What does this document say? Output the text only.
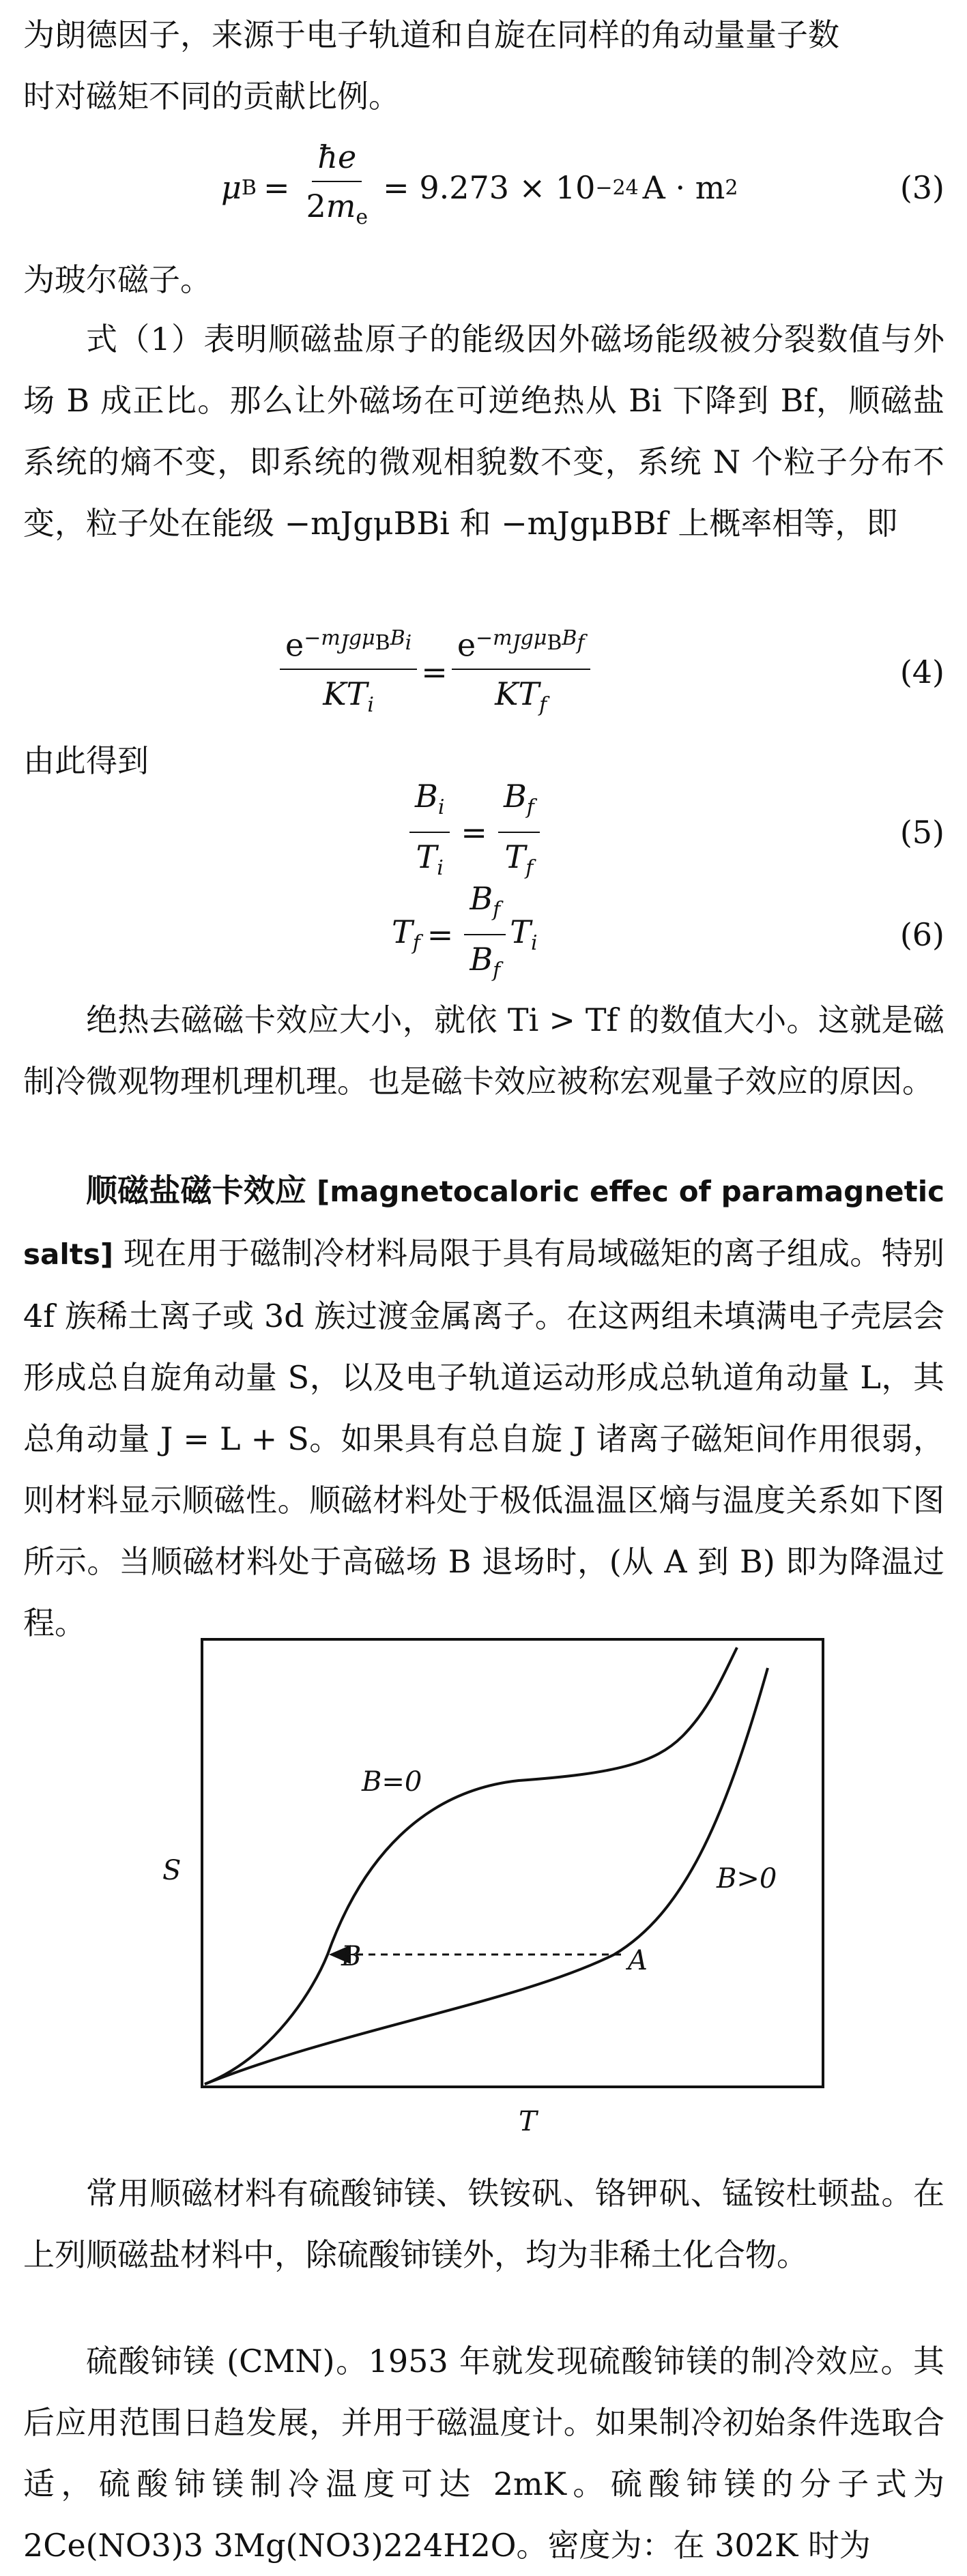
为朗德因子，来源于电子轨道和自旋在同样的角动量量子数
时对磁矩不同的贡献比例。
μ $B = \frac{ħe}{2m_e} = 9.273 \times 10 -24$ A · m 2	(3)
为玻尔磁子。
式（1）表明顺磁盐原子的能级因外磁场能级被分裂数值与外场 B 成正比。那么让外磁场在可逆绝热从 Bi 下降到 Bf，顺磁盐系统的熵不变，即系统的微观相貌数不变，系统 N 个粒子分布不变，粒子处在能级 −mJgμBBi 和 −mJgμBBf 上概率相等，即
$\frac{e^{-m_Jg\mu_BB_i}}{KT_i} = \frac{e^{-m_Jg\mu_BB_f}}{KT_f}$	(4)
由此得到
$\frac{B_i}{T_i} = \frac{B_f}{T_f}$	(5)
$T_f = \frac{B_f}{B_f} T_i$	(6)
绝热去磁磁卡效应大小，就依 Ti > Tf 的数值大小。这就是磁制冷微观物理机理机理。也是磁卡效应被称宏观量子效应的原因。
顺磁盐磁卡效应 [magnetocaloric effec of paramagnetic salts] 现在用于磁制冷材料局限于具有局域磁矩的离子组成。特别 4f 族稀土离子或 3d 族过渡金属离子。在这两组未填满电子壳层会形成总自旋角动量 S，以及电子轨道运动形成总轨道角动量 L，其总角动量 J = L + S。如果具有总自旋 J 诸离子磁矩间作用很弱，则材料显示顺磁性。顺磁材料处于极低温温区熵与温度关系如下图所示。当顺磁材料处于高磁场 B 退场时，(从 A 到 B) 即为降温过程。
S
T
B=0
B>0
B	A
常用顺磁材料有硫酸铈镁、铁铵矾、铬钾矾、锰铵杜顿盐。在上列顺磁盐材料中，除硫酸铈镁外，均为非稀土化合物。
硫酸铈镁 (CMN)。1953 年就发现硫酸铈镁的制冷效应。其后应用范围日趋发展，并用于磁温度计。如果制冷初始条件选取合适，硫酸铈镁制冷温度可达 2mK。硫酸铈镁的分子式为 2Ce(NO3)3 3Mg(NO3)224H2O。密度为：在 302K 时为
